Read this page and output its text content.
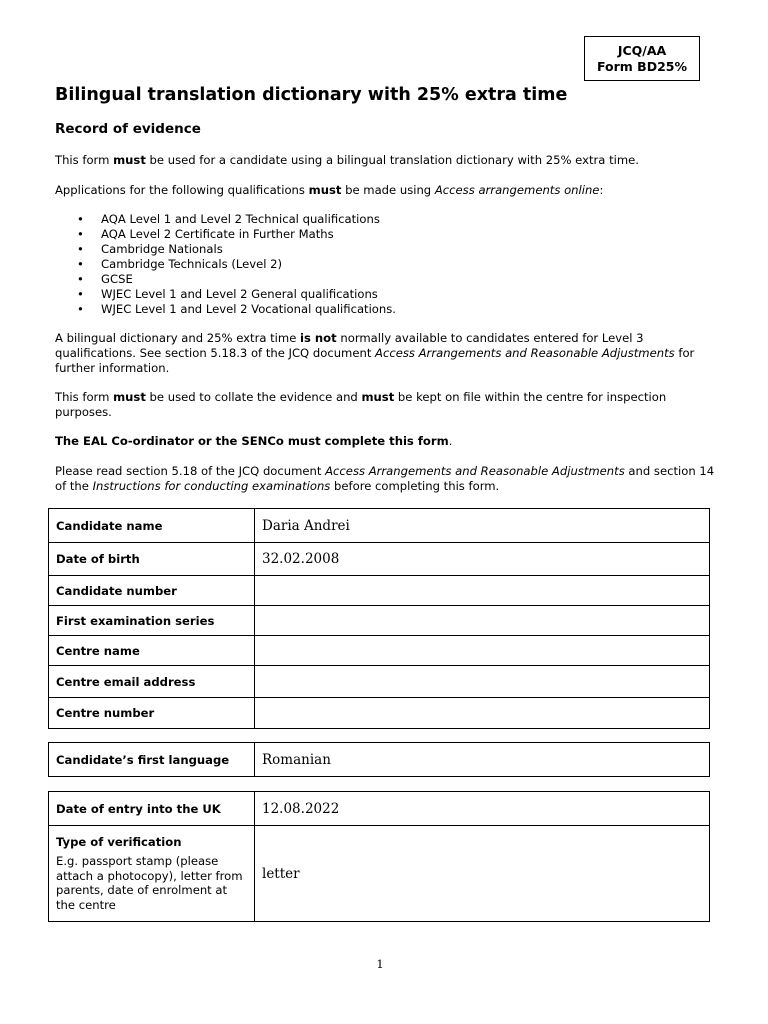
JCQ/AA
Form BD25%
Bilingual translation dictionary with 25% extra time
Record of evidence

This form must be used for a candidate using a bilingual translation dictionary with 25% extra time.

Applications for the following qualifications must be made using Access arrangements online:

• AQA Level 1 and Level 2 Technical qualifications
• AQA Level 2 Certificate in Further Maths
• Cambridge Nationals
• Cambridge Technicals (Level 2)
• GCSE
• WJEC Level 1 and Level 2 General qualifications
• WJEC Level 1 and Level 2 Vocational qualifications.

A bilingual dictionary and 25% extra time is not normally available to candidates entered for Level 3 qualifications. See section 5.18.3 of the JCQ document Access Arrangements and Reasonable Adjustments for further information.

This form must be used to collate the evidence and must be kept on file within the centre for inspection purposes.

The EAL Co-ordinator or the SENCo must complete this form.

Please read section 5.18 of the JCQ document Access Arrangements and Reasonable Adjustments and section 14 of the Instructions for conducting examinations before completing this form.

Candidate name	Daria Andrei
Date of birth	32.02.2008
Candidate number	
First examination series	
Centre name	
Centre email address	
Centre number	
Candidate’s first language	Romanian
Date of entry into the UK	12.08.2022
Type of verification
E.g. passport stamp (please attach a photocopy), letter from parents, date of enrolment at the centre	letter
1
